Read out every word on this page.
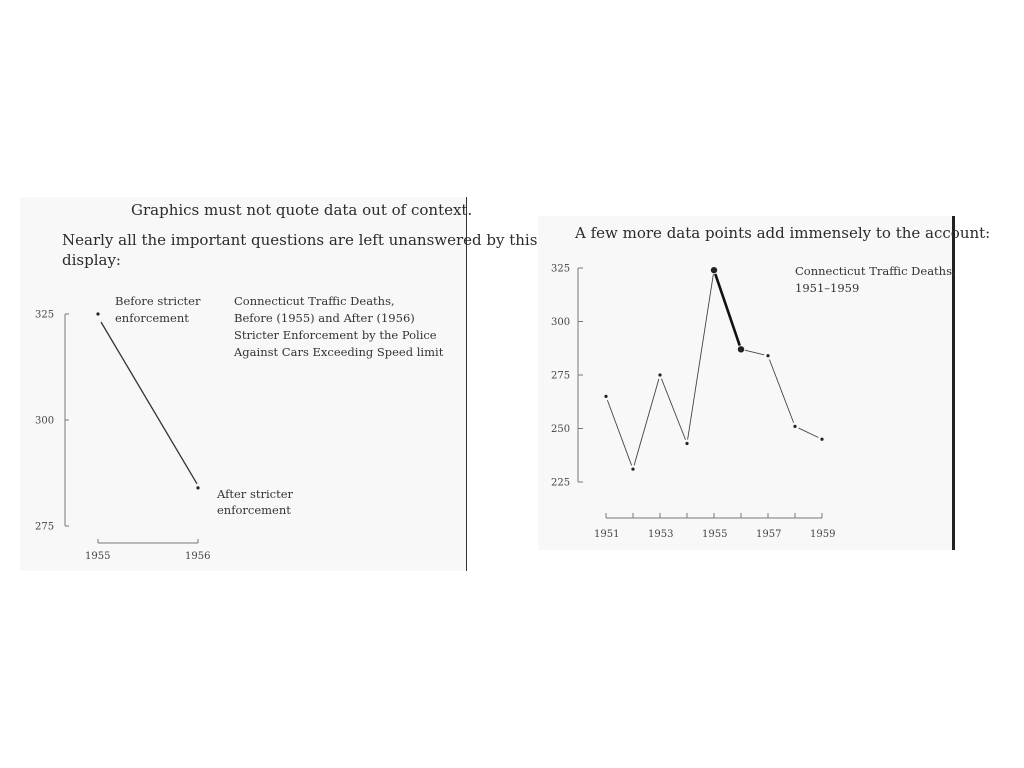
Graphics must not quote data out of context.
Nearly all the important questions are left unanswered by this
display:
275
300
325
1955	1956
Before stricter
enforcement
After stricter
enforcement
Connecticut Traffic Deaths,
Before (1955) and After (1956)
Stricter Enforcement by the Police
Against Cars Exceeding Speed limit
A few more data points add immensely to the account:
225
250
275
300
325
1951	1953	1955	1957	1959
Connecticut Traffic Deaths,
1951–1959
